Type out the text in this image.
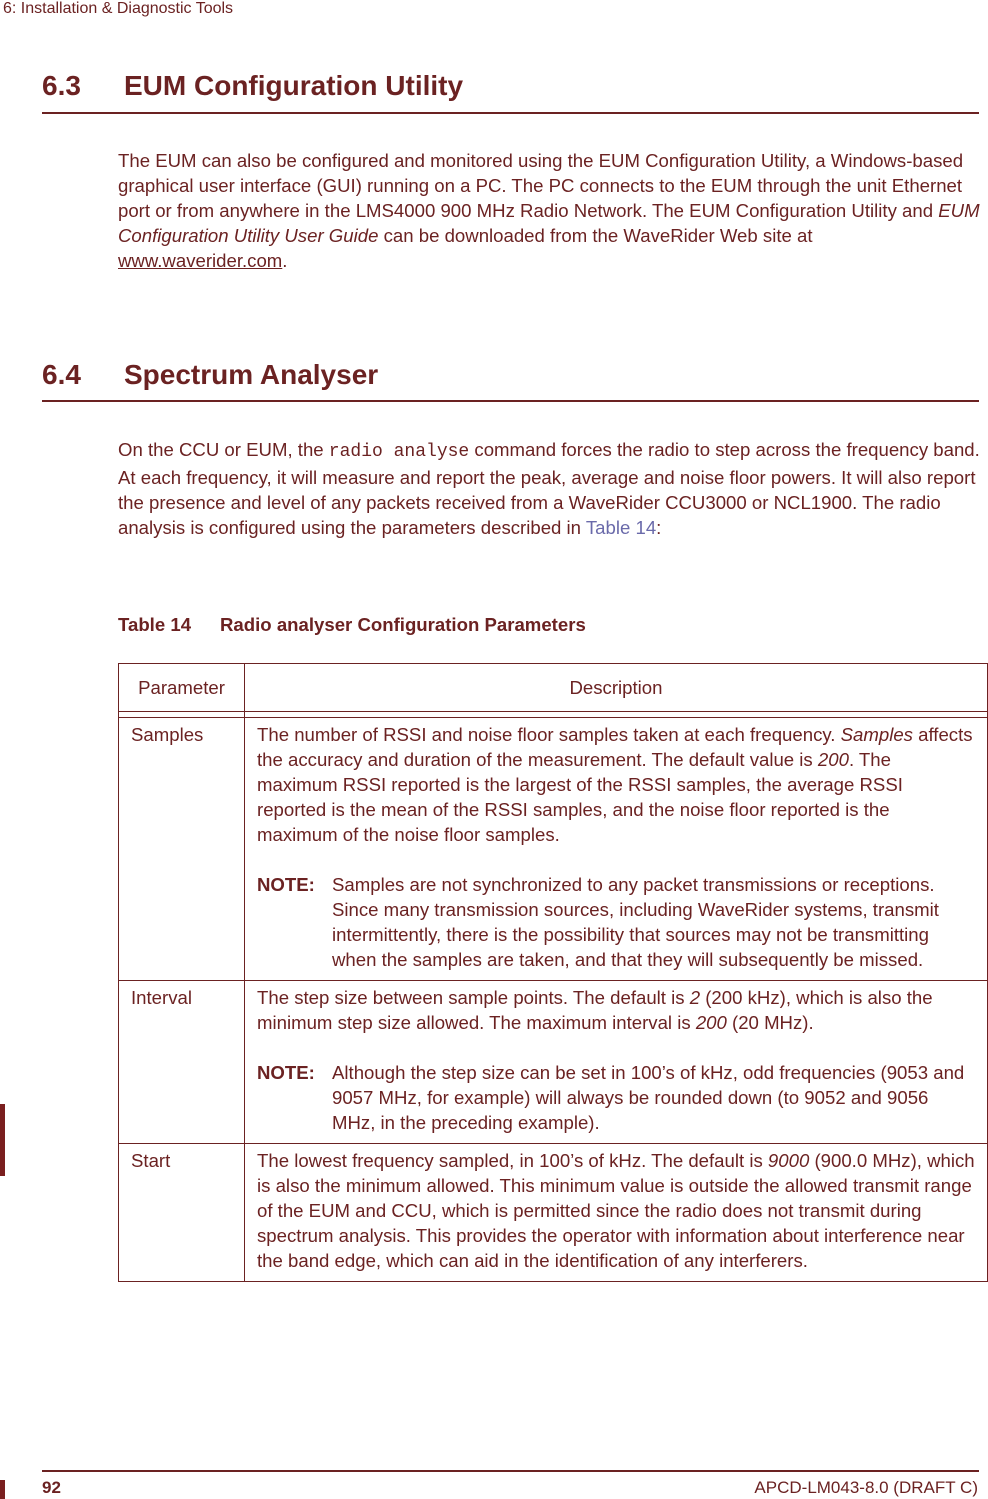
6: Installation & Diagnostic Tools
6.3 EUM Configuration Utility

The EUM can also be configured and monitored using the EUM Configuration Utility, a Windows-based graphical user interface (GUI) running on a PC. The PC connects to the EUM through the unit Ethernet port or from anywhere in the LMS4000 900 MHz Radio Network. The EUM Configuration Utility and EUM Configuration Utility User Guide can be downloaded from the WaveRider Web site at www.waverider.com.

6.4 Spectrum Analyser

On the CCU or EUM, the radio analyse command forces the radio to step across the frequency band. At each frequency, it will measure and report the peak, average and noise floor powers. It will also report the presence and level of any packets received from a WaveRider CCU3000 or NCL1900. The radio analysis is configured using the parameters described in Table 14:

Table 14 Radio analyser Configuration Parameters
Parameter	Description

Samples	The number of RSSI and noise floor samples taken at each frequency. Samples affects the accuracy and duration of the measurement. The default value is 200. The maximum RSSI reported is the largest of the RSSI samples, the average RSSI reported is the mean of the RSSI samples, and the noise floor reported is the maximum of the noise floor samples.
NOTE: Samples are not synchronized to any packet transmissions or receptions. Since many transmission sources, including WaveRider systems, transmit intermittently, there is the possibility that sources may not be transmitting when the samples are taken, and that they will subsequently be missed.

Interval	The step size between sample points. The default is 2 (200 kHz), which is also the minimum step size allowed. The maximum interval is 200 (20 MHz).
NOTE: Although the step size can be set in 100’s of kHz, odd frequencies (9053 and 9057 MHz, for example) will always be rounded down (to 9052 and 9056 MHz, in the preceding example).

Start	The lowest frequency sampled, in 100’s of kHz. The default is 9000 (900.0 MHz), which is also the minimum allowed. This minimum value is outside the allowed transmit range of the EUM and CCU, which is permitted since the radio does not transmit during spectrum analysis. This provides the operator with information about interference near the band edge, which can aid in the identification of any interferers.
92	APCD-LM043-8.0 (DRAFT C)
